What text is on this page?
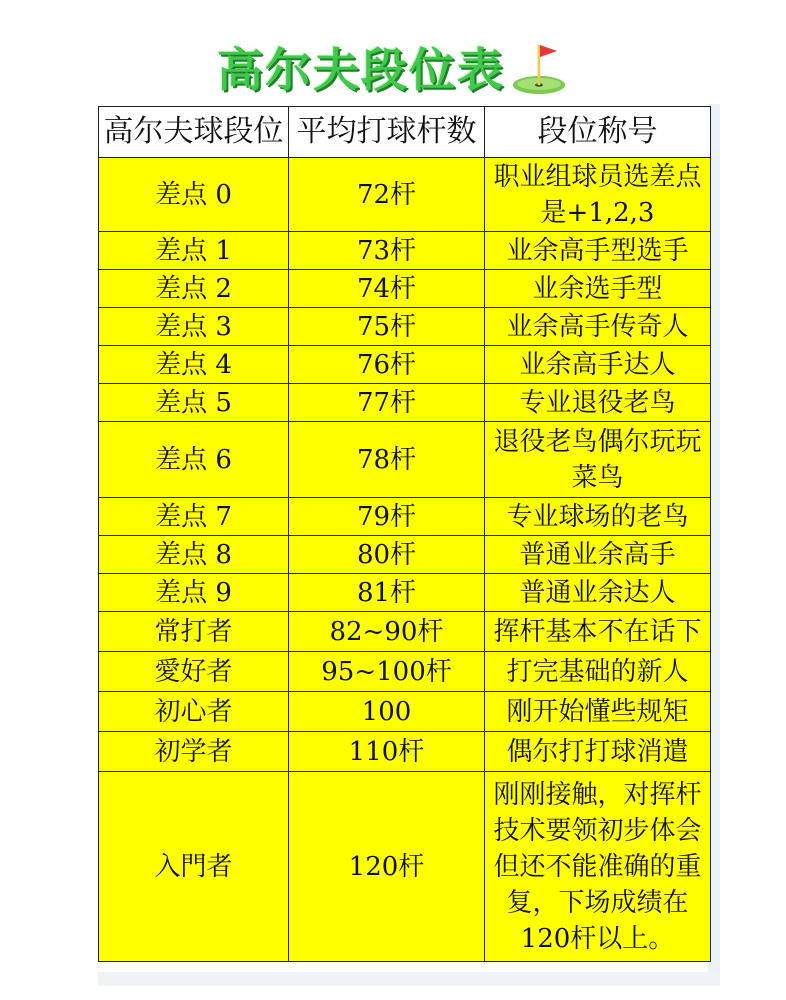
高尔夫段位表
高尔夫球段位	平均打球杆数	段位称号
差点 0	72杆	职业组球员选差点是+1,2,3
差点 1	73杆	业余高手型选手
差点 2	74杆	业余选手型
差点 3	75杆	业余高手传奇人
差点 4	76杆	业余高手达人
差点 5	77杆	专业退役老鸟
差点 6	78杆	退役老鸟偶尔玩玩菜鸟
差点 7	79杆	专业球场的老鸟
差点 8	80杆	普通业余高手
差点 9	81杆	普通业余达人
常打者	82~90杆	挥杆基本不在话下
愛好者	95~100杆	打完基础的新人
初心者	100	刚开始懂些规矩
初学者	110杆	偶尔打打球消遣
入門者	120杆	刚刚接触，对挥杆技术要领初步体会但还不能准确的重复，下场成绩在120杆以上。
